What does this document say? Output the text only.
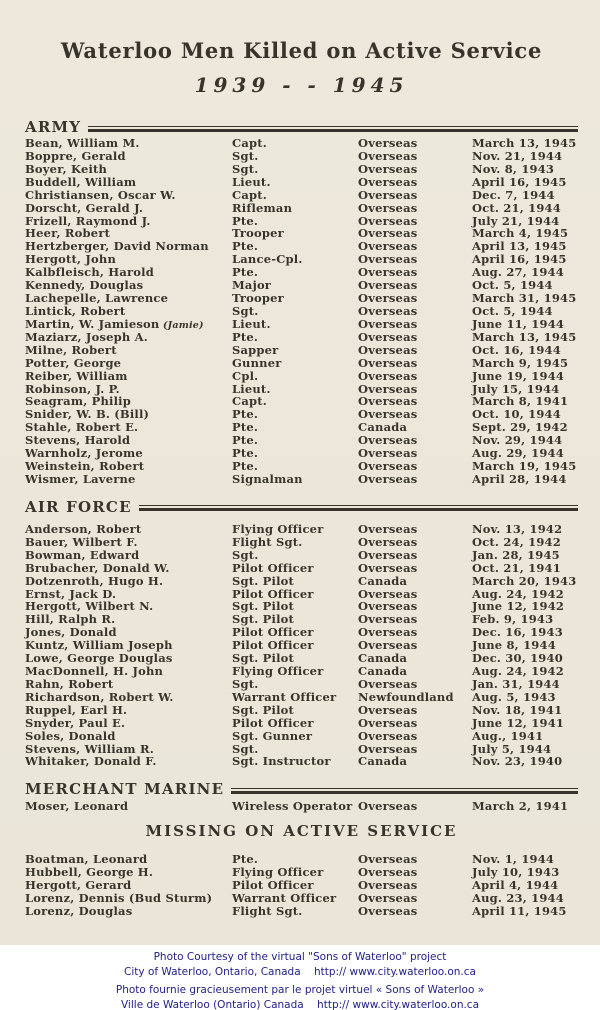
Waterloo Men Killed on Active Service
1939 - - 1945
ARMY
Bean, William M.	Capt.	Overseas	March 13, 1945
Boppre, Gerald	Sgt.	Overseas	Nov. 21, 1944
Boyer, Keith	Sgt.	Overseas	Nov. 8, 1943
Buddell, William	Lieut.	Overseas	April 16, 1945
Christiansen, Oscar W.	Capt.	Overseas	Dec. 7, 1944
Dorscht, Gerald J.	Rifleman	Overseas	Oct. 21, 1944
Frizell, Raymond J.	Pte.	Overseas	July 21, 1944
Heer, Robert	Trooper	Overseas	March 4, 1945
Hertzberger, David Norman	Pte.	Overseas	April 13, 1945
Hergott, John	Lance-Cpl.	Overseas	April 16, 1945
Kalbfleisch, Harold	Pte.	Overseas	Aug. 27, 1944
Kennedy, Douglas	Major	Overseas	Oct. 5, 1944
Lachepelle, Lawrence	Trooper	Overseas	March 31, 1945
Lintick, Robert	Sgt.	Overseas	Oct. 5, 1944
Martin, W. Jamieson (Jamie)	Lieut.	Overseas	June 11, 1944
Maziarz, Joseph A.	Pte.	Overseas	March 13, 1945
Milne, Robert	Sapper	Overseas	Oct. 16, 1944
Potter, George	Gunner	Overseas	March 9, 1945
Reiber, William	Cpl.	Overseas	June 19, 1944
Robinson, J. P.	Lieut.	Overseas	July 15, 1944
Seagram, Philip	Capt.	Overseas	March 8, 1941
Snider, W. B. (Bill)	Pte.	Overseas	Oct. 10, 1944
Stahle, Robert E.	Pte.	Canada	Sept. 29, 1942
Stevens, Harold	Pte.	Overseas	Nov. 29, 1944
Warnholz, Jerome	Pte.	Overseas	Aug. 29, 1944
Weinstein, Robert	Pte.	Overseas	March 19, 1945
Wismer, Laverne	Signalman	Overseas	April 28, 1944
AIR FORCE
Anderson, Robert	Flying Officer	Overseas	Nov. 13, 1942
Bauer, Wilbert F.	Flight Sgt.	Overseas	Oct. 24, 1942
Bowman, Edward	Sgt.	Overseas	Jan. 28, 1945
Brubacher, Donald W.	Pilot Officer	Overseas	Oct. 21, 1941
Dotzenroth, Hugo H.	Sgt. Pilot	Canada	March 20, 1943
Ernst, Jack D.	Pilot Officer	Overseas	Aug. 24, 1942
Hergott, Wilbert N.	Sgt. Pilot	Overseas	June 12, 1942
Hill, Ralph R.	Sgt. Pilot	Overseas	Feb. 9, 1943
Jones, Donald	Pilot Officer	Overseas	Dec. 16, 1943
Kuntz, William Joseph	Pilot Officer	Overseas	June 8, 1944
Lowe, George Douglas	Sgt. Pilot	Canada	Dec. 30, 1940
MacDonnell, H. John	Flying Officer	Canada	Aug. 24, 1942
Rahn, Robert	Sgt.	Overseas	Jan. 31, 1944
Richardson, Robert W.	Warrant Officer	Newfoundland	Aug. 5, 1943
Ruppel, Earl H.	Sgt. Pilot	Overseas	Nov. 18, 1941
Snyder, Paul E.	Pilot Officer	Overseas	June 12, 1941
Soles, Donald	Sgt. Gunner	Overseas	Aug., 1941
Stevens, William R.	Sgt.	Overseas	July 5, 1944
Whitaker, Donald F.	Sgt. Instructor	Canada	Nov. 23, 1940
MERCHANT MARINE
Moser, Leonard	Wireless Operator Overseas	March 2, 1941
MISSING ON ACTIVE SERVICE
Boatman, Leonard	Pte.	Overseas	Nov. 1, 1944
Hubbell, George H.	Flying Officer	Overseas	July 10, 1943
Hergott, Gerard	Pilot Officer	Overseas	April 4, 1944
Lorenz, Dennis (Bud Sturm)	Warrant Officer	Overseas	Aug. 23, 1944
Lorenz, Douglas	Flight Sgt.	Overseas	April 11, 1945
Photo Courtesy of the virtual "Sons of Waterloo" project
City of Waterloo, Ontario, Canada    http:// www.city.waterloo.on.ca
Photo fournie gracieusement par le projet virtuel « Sons of Waterloo »
Ville de Waterloo (Ontario) Canada    http:// www.city.waterloo.on.ca
